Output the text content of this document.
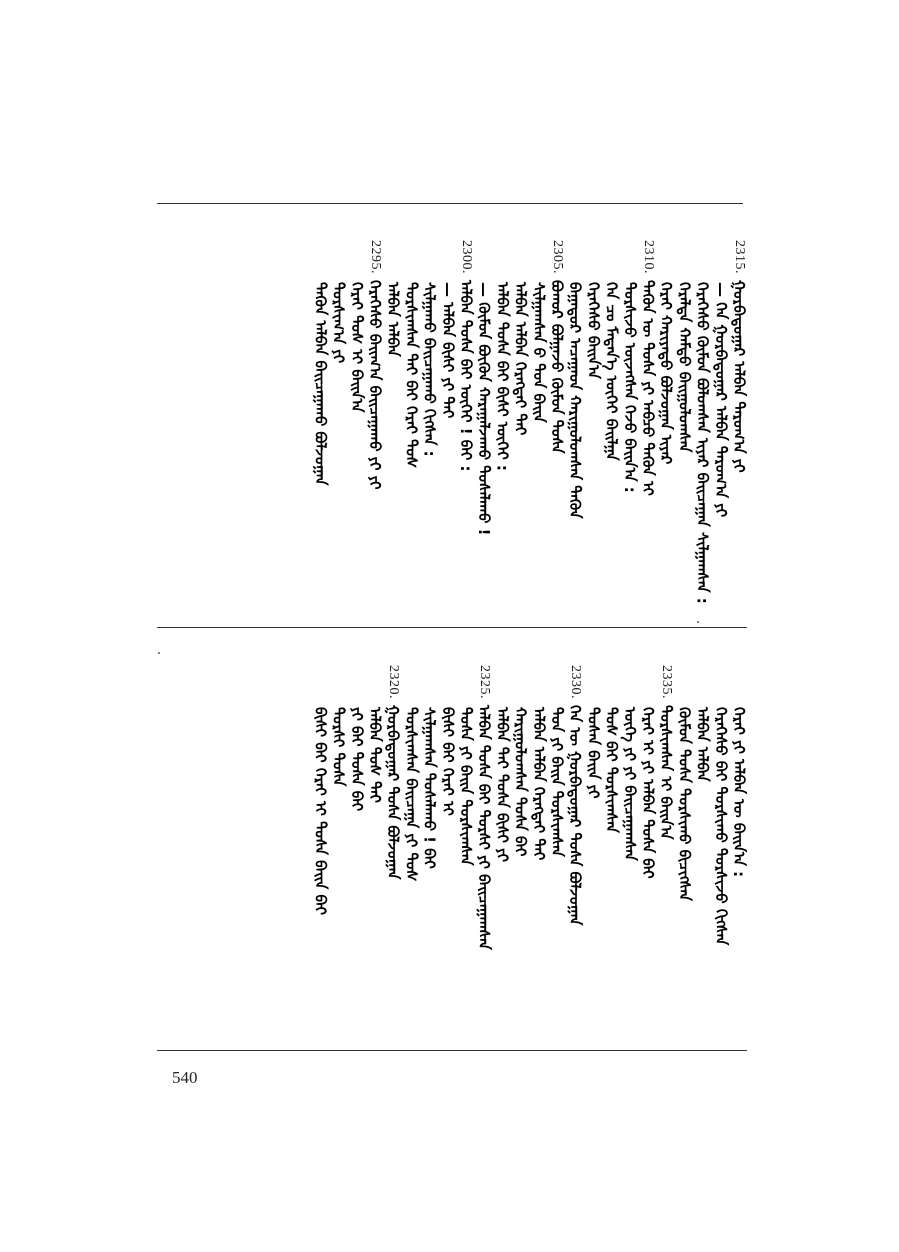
2315.
ᠭᠤᠷᠪᠠᠳᠤᠭᠠᠷ ᠠᠯᠪᠠᠨ ᠳᠠᠷᠤᠭ᠎ᠠ ᠶᠢ
— ᠬᠡᠨ ᠭᠤᠷᠪᠠᠳᠤᠭᠠᠷ ᠠᠯᠪᠠᠨ ᠳᠠᠷᠤᠭ᠎ᠠ ᠶᠢ
ᠭᠡᠷᠡᠭᠡᠰᠦ ᠬᠦᠮᠦᠨ ᠪᠤᠯᠤᠭᠰᠠᠨ ᠢᠶᠠᠷ ᠪᠠᠢᠴᠠᠭᠠᠨ ᠰᠢᠯᠭᠠᠭᠰᠠᠨ :
ᠭᠡᠷᠡᠯᠲᠡ ᠬᠠᠮᠲᠤ ᠪᠠᠢᠭᠤᠯᠤᠭᠰᠠᠨ
ᠭᠡᠷᠡᠢ ᠬᠠᠷᠢᠶᠠᠲᠤ ᠪᠣᠯᠵᠣᠭᠠᠨ ᠢᠶᠠᠷ
2310.
ᠲᠡᠭᠦᠨ ᠦ ᠲᠤᠰᠠ ᠶᠢ ᠠᠪᠴᠤ ᠲᠡᠭᠦᠨ ᠢ
ᠲᠤᠷᠰᠢᠵᠤ ᠦᠵᠡᠭᠰᠡᠨ ᠭᠡᠵᠦ ᠪᠠᠢᠨ᠎ᠠ :
ᠬᠡᠨ ᠴᠤ ᠮᠡᠳᠡᠨ᠎ᠡ ᠦᠭᠡᠢ ᠪᠠᠢᠯᠭᠠ
ᠭᠡᠷᠡᠭᠡᠰᠦ ᠪᠠᠢᠨ᠎ᠠ
ᠪᠠᠭᠠᠳᠤᠷ ᠠᠴᠠᠭᠠᠳ ᠬᠠᠷᠢᠭᠤᠯᠤᠭᠰᠠᠨ ᠲᠡᠭᠦᠨ
2305.
ᠪᠤᠬᠤᠷ ᠪᠤᠯᠭᠠᠵᠤ ᠬᠦᠮᠦᠨ ᠲᠤᠰᠠ
ᠰᠢᠯᠭᠠᠭᠰᠠᠨ ᠪ ᠲᠤᠨ ᠪᠠᠢᠨ
ᠠᠯᠪᠠᠨ ᠠᠯᠪᠠᠨ ᠬᠡᠷᠡᠭᠲᠡᠢ ᠲᠡᠢ
ᠠᠯᠪᠠᠨ ᠲᠤᠰᠠ ᠪᠠᠢ ᠪᠢᠰᠢ ᠦᠭᠡᠢ :
— ᠬᠦᠮᠦᠨ ᠪᠦᠬᠦᠨ ᠬᠠᠷᠠᠭᠠᠯᠵᠠᠬᠤ ᠲᠤᠰᠠᠯᠠᠬᠤ !
2300.
ᠠᠯᠪᠠᠨ ᠲᠤᠰᠠ ᠪᠠᠢ ᠦᠭᠡᠢ ! ᠪᠠᠢ :
— ᠠᠯᠪᠠᠨ ᠪᠢᠰᠢ ᠶᠢ ᠲᠡᠢ
ᠰᠢᠯᠭᠠᠬᠤ ᠪᠠᠢᠴᠠᠭᠠᠬᠤ ᠬᠢᠭᠰᠡᠨ :
ᠲᠤᠷᠰᠢᠭᠰᠠᠨ ᠲᠡᠢ ᠪᠠᠢ ᠭᠡᠷᠡᠢ ᠲᠤᠰ
ᠠᠯᠪᠠᠨ ᠠᠯᠪᠠᠨ
2295.
ᠭᠡᠷᠡᠭᠡᠰᠦ ᠪᠠᠢᠭ᠎ᠠ ᠪᠠᠢᠴᠠᠭᠠᠬᠤ ᠶᠢ ᠶᠢ
ᠭᠡᠷᠡᠢ ᠲᠤᠰ ᠢ ᠪᠠᠢᠨ᠎ᠠ
ᠲᠤᠷᠰᠢᠭ᠎ᠠ ᠶᠢ
ᠲᠡᠭᠦᠨ ᠠᠯᠪᠠᠨ ᠪᠠᠢᠴᠠᠭᠠᠬᠤ ᠪᠣᠯᠵᠣᠭᠠᠨ
ᠭᠡᠷᠡᠢ ᠶᠢ ᠠᠯᠪᠠᠨ ᠦ ᠪᠠᠢᠨ᠎ᠠ :
ᠭᠡᠷᠡᠭᠡᠰᠦ ᠪᠠᠢ ᠲᠤᠷᠰᠢᠬᠤ ᠲᠤᠷᠰᠢᠵᠤ ᠬᠢᠭᠰᠡᠨ
ᠠᠯᠪᠠᠨ ᠠᠯᠪᠠᠨ
ᠬᠦᠮᠦᠨ ᠲᠤᠰᠠ ᠲᠤᠷᠰᠢᠬᠤ ᠪᠢᠴᠢᠭᠰᠡᠨ
2335.
ᠲᠤᠷᠰᠢᠭᠰᠠᠨ ᠢ ᠪᠠᠢᠨ᠎ᠠ
ᠭᠡᠷᠡᠢ ᠢ ᠶᠢ ᠠᠯᠪᠠᠨ ᠲᠤᠰᠠ ᠪᠠᠢ
ᠦᠭᠡ ᠶᠢ ᠶᠢ ᠪᠠᠢᠴᠠᠭᠠᠭᠰᠠᠨ
ᠲᠤᠰ ᠪᠠᠢ ᠲᠤᠷᠰᠢᠭᠰᠠᠨ
ᠲᠤᠰᠠᠨ ᠪᠠᠢᠨ ᠶᠢ
2330.
ᠬᠡᠨ ᠦ ᠭᠤᠷᠪᠠᠳᠤᠭᠠᠷ ᠲᠤᠰᠠ ᠪᠣᠯᠵᠣᠭᠠᠨ
ᠲᠤᠨ ᠶᠢ ᠪᠠᠢᠨ ᠲᠤᠷᠰᠢᠭᠰᠠᠨ
ᠠᠯᠪᠠᠨ ᠠᠯᠪᠠᠨ ᠬᠡᠷᠡᠭᠲᠡᠢ ᠲᠡᠢ
ᠬᠠᠷᠢᠭᠤᠯᠤᠭᠰᠠᠨ ᠲᠤᠰᠠ ᠪᠠᠢ
ᠠᠯᠪᠠᠨ ᠲᠡᠢ ᠲᠤᠰᠠ ᠪᠢᠰᠢ ᠶᠢ
2325.
ᠠᠯᠪᠠᠨ ᠲᠤᠰᠠ ᠪᠠᠢ ᠲᠤᠷᠰᠢ ᠶᠢ ᠪᠠᠢᠴᠠᠭᠠᠭᠰᠠᠨ
ᠲᠤᠰᠠ ᠶᠢ ᠪᠠᠢᠨ ᠲᠤᠷᠰᠢᠭᠰᠠᠨ
ᠪᠢᠰᠢ ᠪᠠᠢ ᠭᠡᠷᠡᠢ ᠢ
ᠰᠢᠯᠭᠠᠭᠰᠠᠨ ᠲᠤᠰᠠᠯᠠᠬᠤ ! ᠪᠠᠢ
ᠲᠤᠷᠰᠢᠭᠰᠠᠨ ᠪᠠᠢᠴᠠᠭᠠ ᠶᠢ ᠲᠤᠰ
2320.
ᠭᠤᠷᠪᠠᠳᠤᠭᠠᠷ ᠲᠤᠰᠠ ᠪᠣᠯᠵᠣᠭᠠᠨ
ᠠᠯᠪᠠᠨ ᠲᠤᠰ ᠲᠡᠢ
ᠶᠢ ᠪᠠᠢ ᠲᠤᠰᠠ ᠪᠠᠢ
ᠲᠤᠷᠰᠢ ᠲᠤᠰᠠ
ᠪᠢᠰᠢ ᠪᠠᠢ ᠭᠡᠷᠡᠢ ᠢ ᠲᠤᠰᠠ ᠪᠠᠢᠨ ᠪᠠᠢ
540
